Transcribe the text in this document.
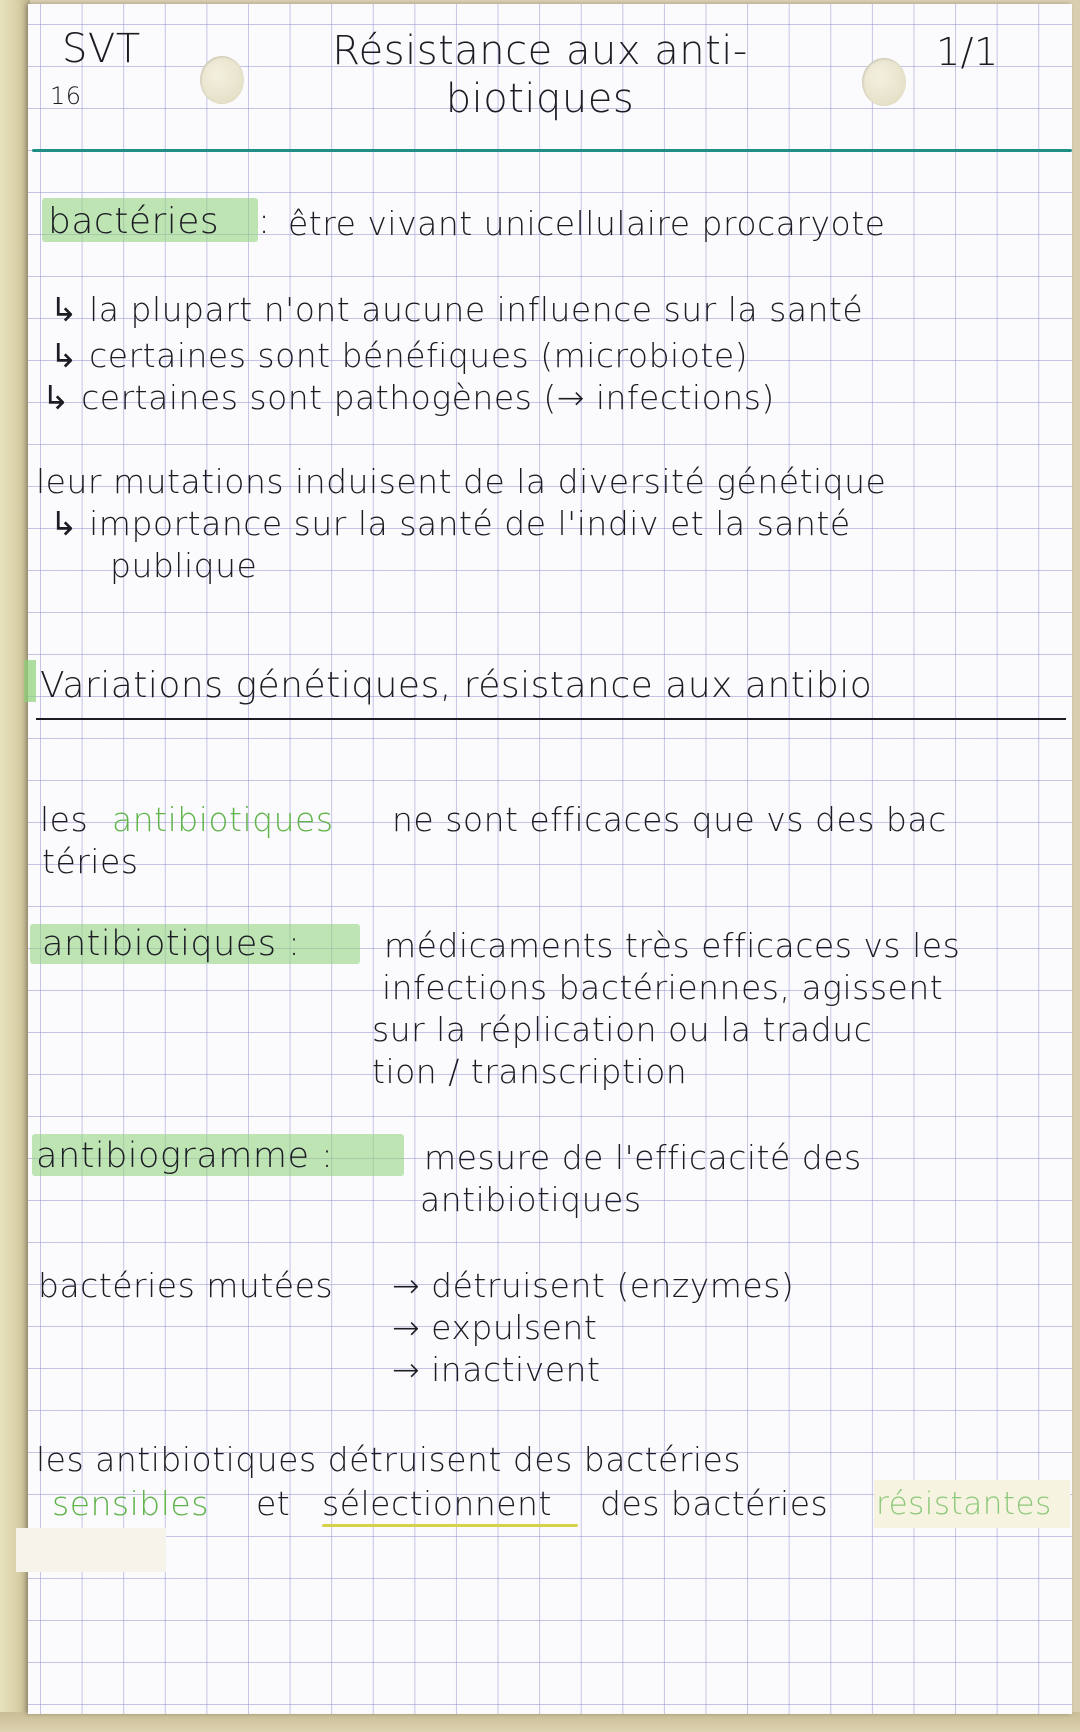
SVT
16
Résistance aux anti-
biotiques
1/1
bactéries : être vivant unicellulaire procaryote
↳ la plupart n'ont aucune influence sur la santé
↳ certaines sont bénéfiques (microbiote)
↳ certaines sont pathogènes (→ infections)
leur mutations induisent de la diversité génétique
↳ importance sur la santé de l'indiv et la santé
publique
Variations génétiques, résistance aux antibio
les antibiotiques ne sont efficaces que vs des bac
téries
antibiotiques :	médicaments très efficaces vs les
infections bactériennes, agissent
sur la réplication ou la traduc
tion / transcription
antibiogramme :	mesure de l'efficacité des
antibiotiques
bactéries mutées → détruisent (enzymes)
→ expulsent
→ inactivent
les antibiotiques détruisent des bactéries
sensibles et sélectionnent des bactéries résistantes
